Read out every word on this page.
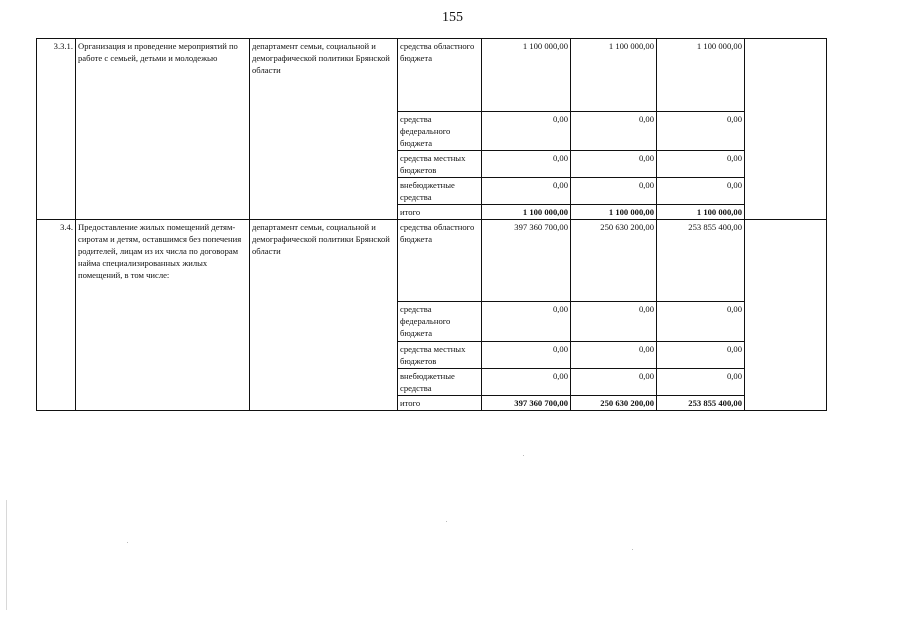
155
3.3.1.	Организация и проведение мероприятий по работе с семьей, детьми и молодежью	департамент семьи, социальной и демографической политики Брянской области	средства областного бюджета	1 100 000,00	1 100 000,00	1 100 000,00	
			средства федерального бюджета	0,00	0,00	0,00	
			средства местных бюджетов	0,00	0,00	0,00	
			внебюджетные средства	0,00	0,00	0,00	
			итого	1 100 000,00	1 100 000,00	1 100 000,00	
3.4.	Предоставление жилых помещений детям-сиротам и детям, оставшимся без попечения родителей, лицам из их числа по договорам найма специализированных жилых помещений, в том числе:	департамент семьи, социальной и демографической политики Брянской области	средства областного бюджета	397 360 700,00	250 630 200,00	253 855 400,00	
			средства федерального бюджета	0,00	0,00	0,00	
			средства местных бюджетов	0,00	0,00	0,00	
			внебюджетные средства	0,00	0,00	0,00	
			итого	397 360 700,00	250 630 200,00	253 855 400,00	
